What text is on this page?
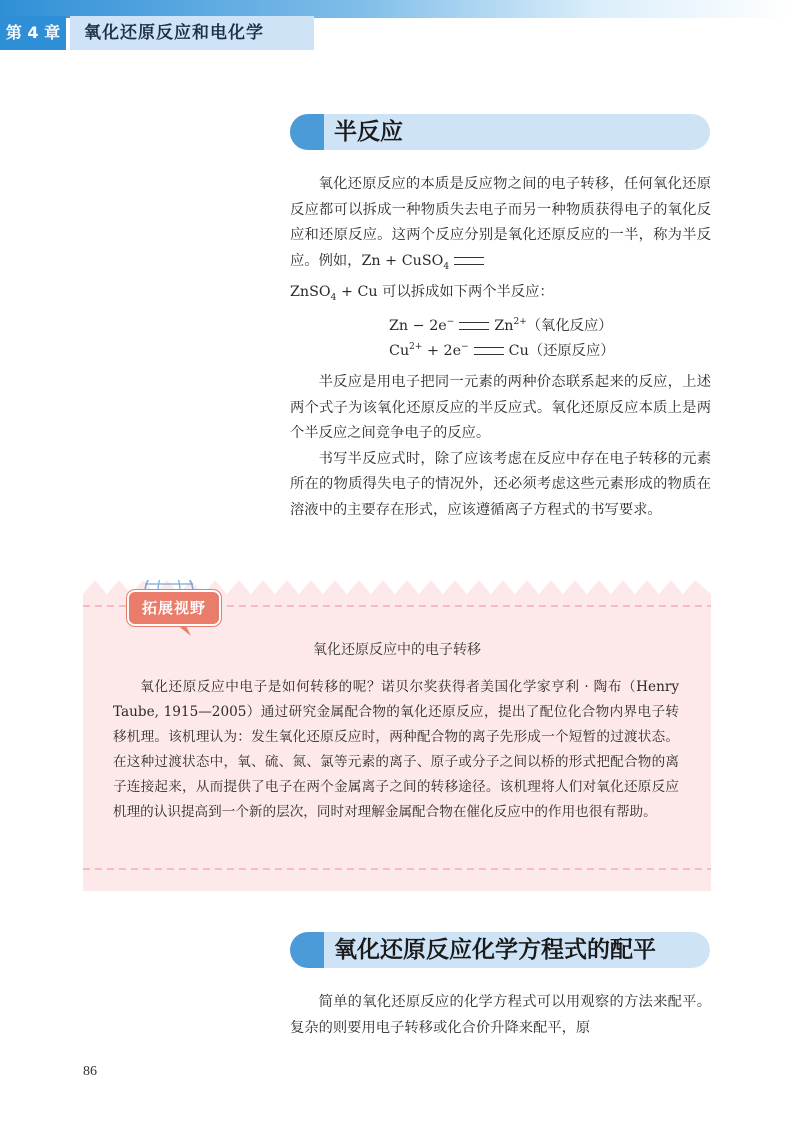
第 4 章	氧化还原反应和电化学
半反应

氧化还原反应的本质是反应物之间的电子转移，任何氧化还原反应都可以拆成一种物质失去电子而另一种物质获得电子的氧化反应和还原反应。这两个反应分别是氧化还原反应的一半，称为半反应。例如，Zn + CuSO$_4$

ZnSO$_4$ + Cu 可以拆成如下两个半反应：

Zn − 2e−	$Zn^{2+}$（氧化反应）
$Cu^{2+} + 2e^-$	Cu（还原反应）

半反应是用电子把同一元素的两种价态联系起来的反应，上述两个式子为该氧化还原反应的半反应式。氧化还原反应本质上是两个半反应之间竞争电子的反应。

书写半反应式时，除了应该考虑在反应中存在电子转移的元素所在的物质得失电子的情况外，还必须考虑这些元素形成的物质在溶液中的主要存在形式，应该遵循离子方程式的书写要求。

拓展视野
氧化还原反应中的电子转移

氧化还原反应中电子是如何转移的呢？诺贝尔奖获得者美国化学家亨利 · 陶布（Henry Taube, 1915—2005）通过研究金属配合物的氧化还原反应，提出了配位化合物内界电子转移机理。该机理认为：发生氧化还原反应时，两种配合物的离子先形成一个短暂的过渡状态。在这种过渡状态中，氧、硫、氮、氯等元素的离子、原子或分子之间以桥的形式把配合物的离子连接起来，从而提供了电子在两个金属离子之间的转移途径。该机理将人们对氧化还原反应机理的认识提高到一个新的层次，同时对理解金属配合物在催化反应中的作用也很有帮助。

氧化还原反应化学方程式的配平

简单的氧化还原反应的化学方程式可以用观察的方法来配平。复杂的则要用电子转移或化合价升降来配平，原

86
